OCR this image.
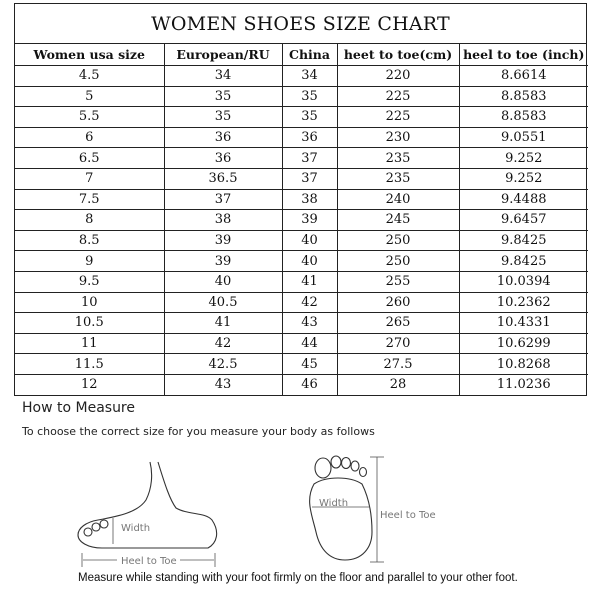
WOMEN SHOES SIZE CHART
Women usa size	European/RU	China	heet to toe(cm)	heel to toe (inch)
4.5	34	34	220	8.6614
5	35	35	225	8.8583
5.5	35	35	225	8.8583
6	36	36	230	9.0551
6.5	36	37	235	9.252
7	36.5	37	235	9.252
7.5	37	38	240	9.4488
8	38	39	245	9.6457
8.5	39	40	250	9.8425
9	39	40	250	9.8425
9.5	40	41	255	10.0394
10	40.5	42	260	10.2362
10.5	41	43	265	10.4331
11	42	44	270	10.6299
11.5	42.5	45	27.5	10.8268
12	43	46	28	11.0236
How to Measure
To choose the correct size for you measure your body as follows
Width
Heel to Toe
Width
Heel to Toe
Measure while standing with your foot firmly on the floor and parallel to your other foot.
